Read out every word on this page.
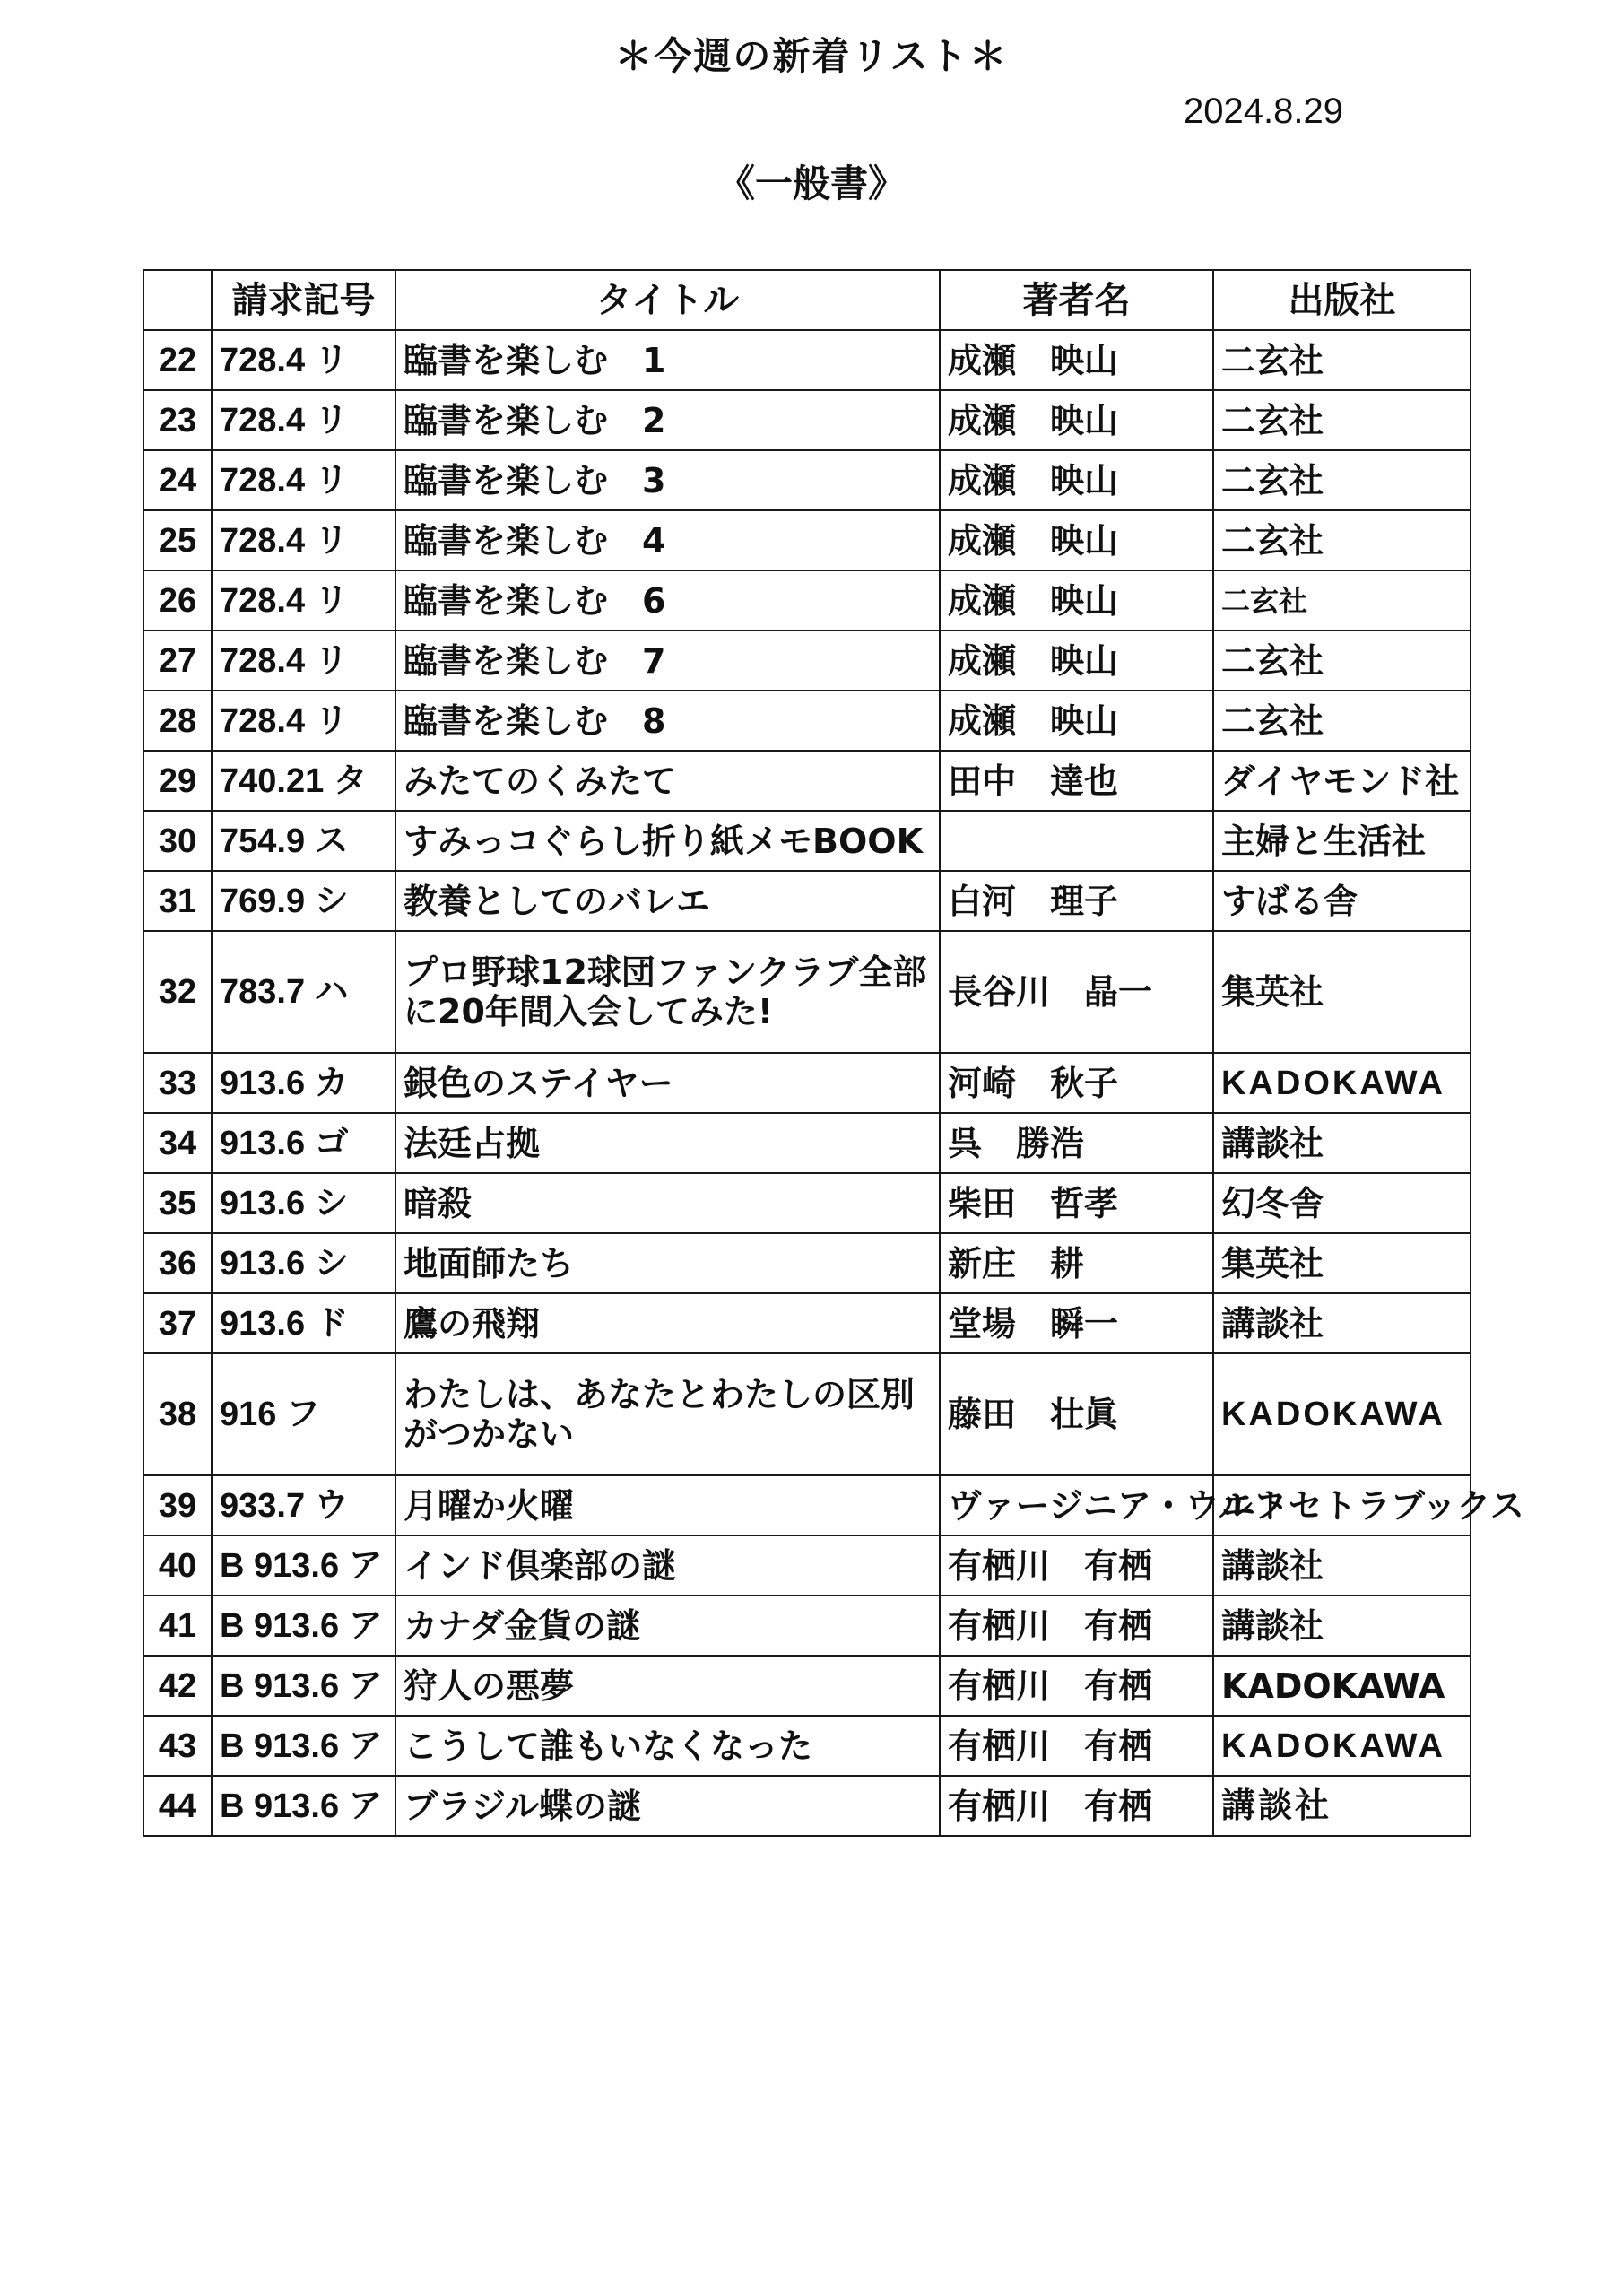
＊今週の新着リスト＊
2024.8.29
《一般書》
	請求記号	タイトル	著者名	出版社
22	728.4 リ	臨書を楽しむ　1	成瀬　映山	二玄社
23	728.4 リ	臨書を楽しむ　2	成瀬　映山	二玄社
24	728.4 リ	臨書を楽しむ　3	成瀬　映山	二玄社
25	728.4 リ	臨書を楽しむ　4	成瀬　映山	二玄社
26	728.4 リ	臨書を楽しむ　6	成瀬　映山	二玄社
27	728.4 リ	臨書を楽しむ　7	成瀬　映山	二玄社
28	728.4 リ	臨書を楽しむ　8	成瀬　映山	二玄社
29	740.21 タ	みたてのくみたて	田中　達也	ダイヤモンド社
30	754.9 ス	すみっコぐらし折り紙メモBOOK		主婦と生活社
31	769.9 シ	教養としてのバレエ	白河　理子	すばる舎
32	783.7 ハ	プロ野球12球団ファンクラブ全部に20年間入会してみた!	長谷川　晶一	集英社
33	913.6 カ	銀色のステイヤー	河崎　秋子	KADOKAWA
34	913.6 ゴ	法廷占拠	呉　勝浩	講談社
35	913.6 シ	暗殺	柴田　哲孝	幻冬舎
36	913.6 シ	地面師たち	新庄　耕	集英社
37	913.6 ド	鷹の飛翔	堂場　瞬一	講談社
38	916 フ	わたしは、あなたとわたしの区別がつかない	藤田　壮眞	KADOKAWA
39	933.7 ウ	月曜か火曜	ヴァージニア・ウルフ	エトセトラブックス
40	B 913.6 ア	インド倶楽部の謎	有栖川　有栖	講談社
41	B 913.6 ア	カナダ金貨の謎	有栖川　有栖	講談社
42	B 913.6 ア	狩人の悪夢	有栖川　有栖	KADOKAWA
43	B 913.6 ア	こうして誰もいなくなった	有栖川　有栖	KADOKAWA
44	B 913.6 ア	ブラジル蝶の謎	有栖川　有栖	講談社
